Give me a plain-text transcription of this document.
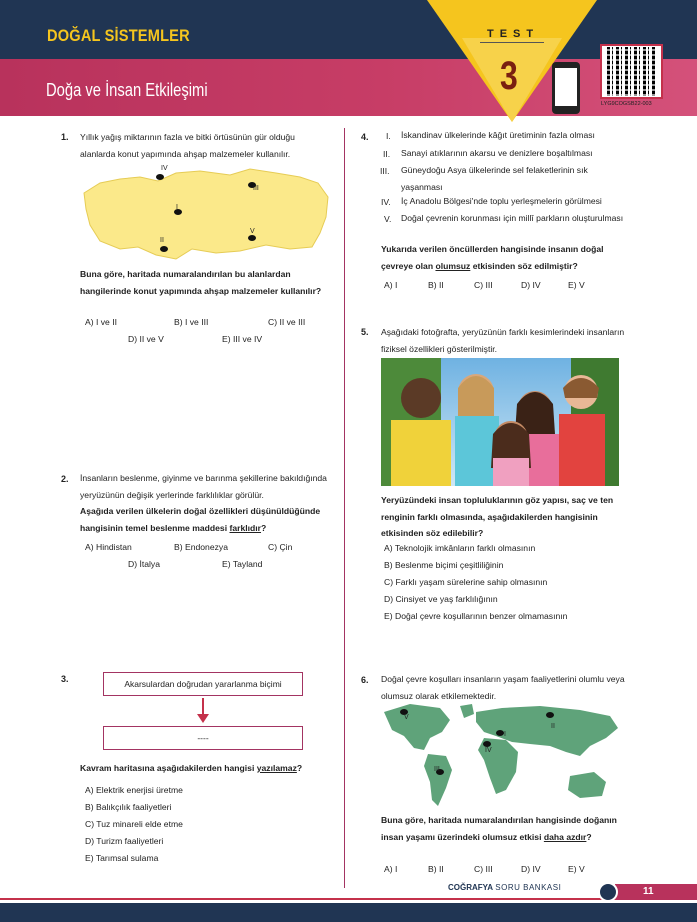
DOĞAL SİSTEMLER
Doğa ve İnsan Etkileşimi
TEST
3
LYG9COGSB22-003
1. Yıllık yağış miktarının fazla ve bitki örtüsünün gür olduğu alanlarda konut yapımında ahşap malzemeler kullanılır.
IV
III
I
II
V
Buna göre, haritada numaralandırılan bu alanlardan hangilerinde konut yapımında ahşap malzemeler kullanılır?
A) I ve II	B) I ve III	C) II ve III
D) II ve V	E) III ve IV
2. İnsanların beslenme, giyinme ve barınma şekillerine bakıldığında yeryüzünün değişik yerlerinde farklılıklar görülür.
Aşağıda verilen ülkelerin doğal özellikleri düşünüldüğünde hangisinin temel beslenme maddesi farklıdır?
A) Hindistan	B) Endonezya	C) Çin
D) İtalya	E) Tayland
3.	Akarsulardan doğrudan yararlanma biçimi
----
Kavram haritasına aşağıdakilerden hangisi yazılamaz?
A) Elektrik enerjisi üretme
B) Balıkçılık faaliyetleri
C) Tuz minareli elde etme
D) Turizm faaliyetleri
E) Tarımsal sulama
4. I. İskandinav ülkelerinde kâğıt üretiminin fazla olması
II. Sanayi atıklarının akarsu ve denizlere boşaltılması
III. Güneydoğu Asya ülkelerinde sel felaketlerinin sık yaşanması
IV. İç Anadolu Bölgesi'nde toplu yerleşmelerin görülmesi
V. Doğal çevrenin korunması için millî parkların oluşturulması
Yukarıda verilen öncüllerden hangisinde insanın doğal çevreye olan olumsuz etkisinden söz edilmiştir?
A) I	B) II	C) III	D) IV	E) V
5. Aşağıdaki fotoğrafta, yeryüzünün farklı kesimlerindeki insanların fiziksel özellikleri gösterilmiştir.
Yeryüzündeki insan topluluklarının göz yapısı, saç ve ten renginin farklı olmasında, aşağıdakilerden hangisinin etkisinden söz edilebilir?
A) Teknolojik imkânların farklı olmasının
B) Beslenme biçimi çeşitliliğinin
C) Farklı yaşam sürelerine sahip olmasının
D) Cinsiyet ve yaş farklılığının
E) Doğal çevre koşullarının benzer olmamasının
6. Doğal çevre koşulları insanların yaşam faaliyetlerini olumlu veya olumsuz olarak etkilemektedir.
V
II
I
IV
III
Buna göre, haritada numaralandırılan hangisinde doğanın insan yaşamı üzerindeki olumsuz etkisi daha azdır?
A) I	B) II	C) III	D) IV	E) V
COĞRAFYA SORU BANKASI	11
